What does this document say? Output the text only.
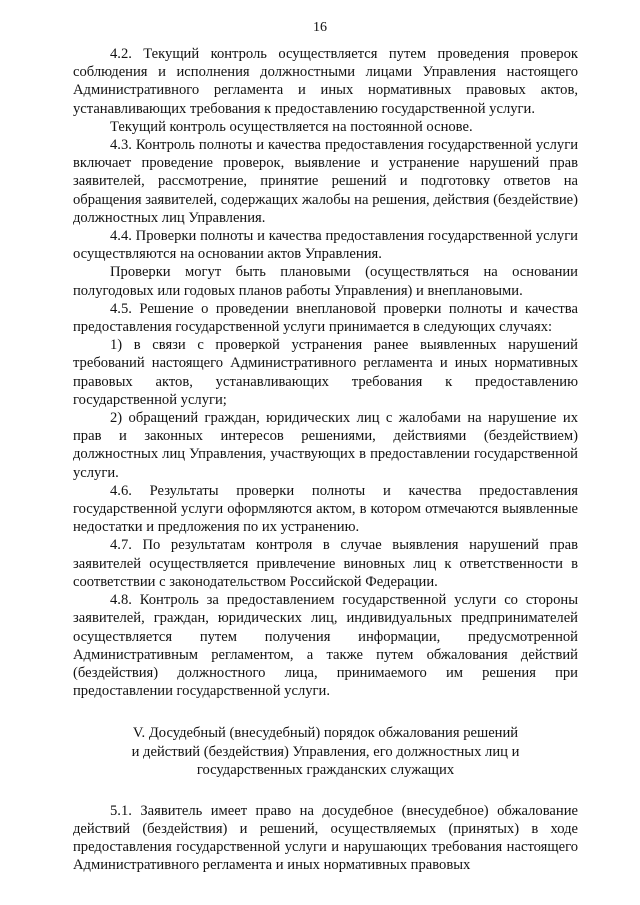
16

4.2. Текущий контроль осуществляется путем проведения проверок соблюдения и исполнения должностными лицами Управления настоящего Административного регламента и иных нормативных правовых актов, устанавливающих требования к предоставлению государственной услуги.

Текущий контроль осуществляется на постоянной основе.

4.3. Контроль полноты и качества предоставления государственной услуги включает проведение проверок, выявление и устранение нарушений прав заявителей, рассмотрение, принятие решений и подготовку ответов на обращения заявителей, содержащих жалобы на решения, действия (бездействие) должностных лиц Управления.

4.4. Проверки полноты и качества предоставления государственной услуги осуществляются на основании актов Управления.

Проверки могут быть плановыми (осуществляться на основании полугодовых или годовых планов работы Управления) и внеплановыми.

4.5. Решение о проведении внеплановой проверки полноты и качества предоставления государственной услуги принимается в следующих случаях:

1) в связи с проверкой устранения ранее выявленных нарушений требований настоящего Административного регламента и иных нормативных правовых актов, устанавливающих требования к предоставлению государственной услуги;

2) обращений граждан, юридических лиц с жалобами на нарушение их прав и законных интересов решениями, действиями (бездействием) должностных лиц Управления, участвующих в предоставлении государственной услуги.

4.6. Результаты проверки полноты и качества предоставления государственной услуги оформляются актом, в котором отмечаются выявленные недостатки и предложения по их устранению.

4.7. По результатам контроля в случае выявления нарушений прав заявителей осуществляется привлечение виновных лиц к ответственности в соответствии с законодательством Российской Федерации.

4.8. Контроль за предоставлением государственной услуги со стороны заявителей, граждан, юридических лиц, индивидуальных предпринимателей осуществляется путем получения информации, предусмотренной Административным регламентом, а также путем обжалования действий (бездействия) должностного лица, принимаемого им решения при предоставлении государственной услуги.

V. Досудебный (внесудебный) порядок обжалования решений
и действий (бездействия) Управления, его должностных лиц и
государственных гражданских служащих

5.1. Заявитель имеет право на досудебное (внесудебное) обжалование действий (бездействия) и решений, осуществляемых (принятых) в ходе предоставления государственной услуги и нарушающих требования настоящего Административного регламента и иных нормативных правовых
